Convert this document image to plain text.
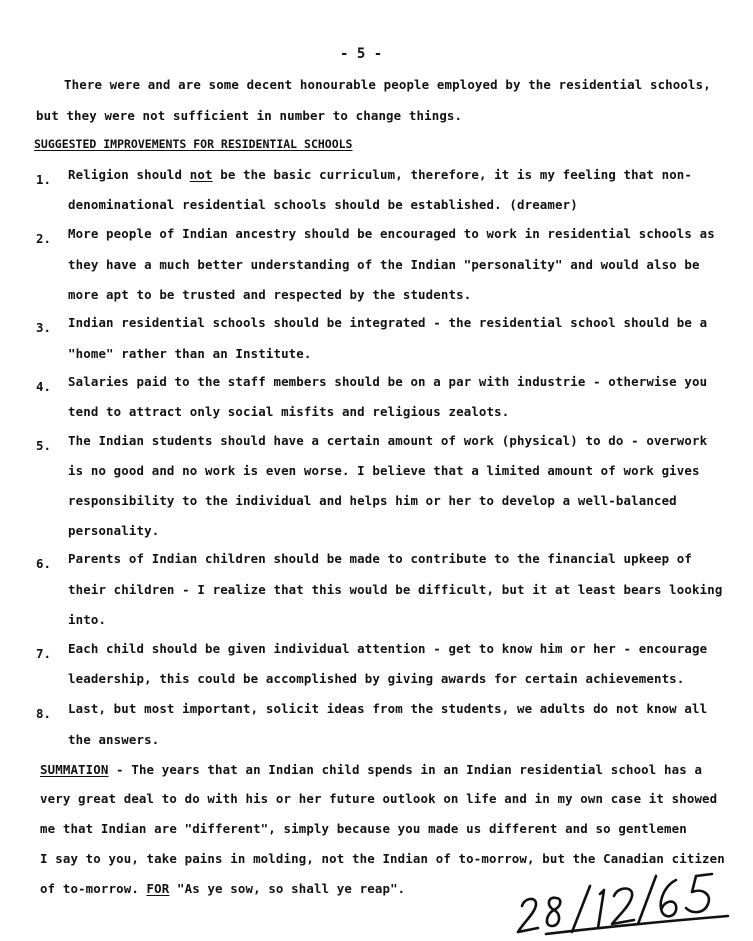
- 5 -
There were and are some decent honourable people employed by the residential schools,
but they were not sufficient in number to change things.
SUGGESTED IMPROVEMENTS FOR RESIDENTIAL SCHOOLS
1. Religion should not be the basic curriculum, therefore, it is my feeling that non-
denominational residential schools should be established. (dreamer)
2. More people of Indian ancestry should be encouraged to work in residential schools as
they have a much better understanding of the Indian "personality" and would also be
more apt to be trusted and respected by the students.
3. Indian residential schools should be integrated - the residential school should be a
"home" rather than an Institute.
4. Salaries paid to the staff members should be on a par with industrie - otherwise you
tend to attract only social misfits and religious zealots.
5. The Indian students should have a certain amount of work (physical) to do - overwork
is no good and no work is even worse. I believe that a limited amount of work gives
responsibility to the individual and helps him or her to develop a well-balanced
personality.
6. Parents of Indian children should be made to contribute to the financial upkeep of
their children - I realize that this would be difficult, but it at least bears looking
into.
7. Each child should be given individual attention - get to know him or her - encourage
leadership, this could be accomplished by giving awards for certain achievements.
8. Last, but most important, solicit ideas from the students, we adults do not know all
the answers.
SUMMATION - The years that an Indian child spends in an Indian residential school has a
very great deal to do with his or her future outlook on life and in my own case it showed
me that Indian are "different", simply because you made us different and so gentlemen
I say to you, take pains in molding, not the Indian of to-morrow, but the Canadian citizen
of to-morrow. FOR "As ye sow, so shall ye reap".
